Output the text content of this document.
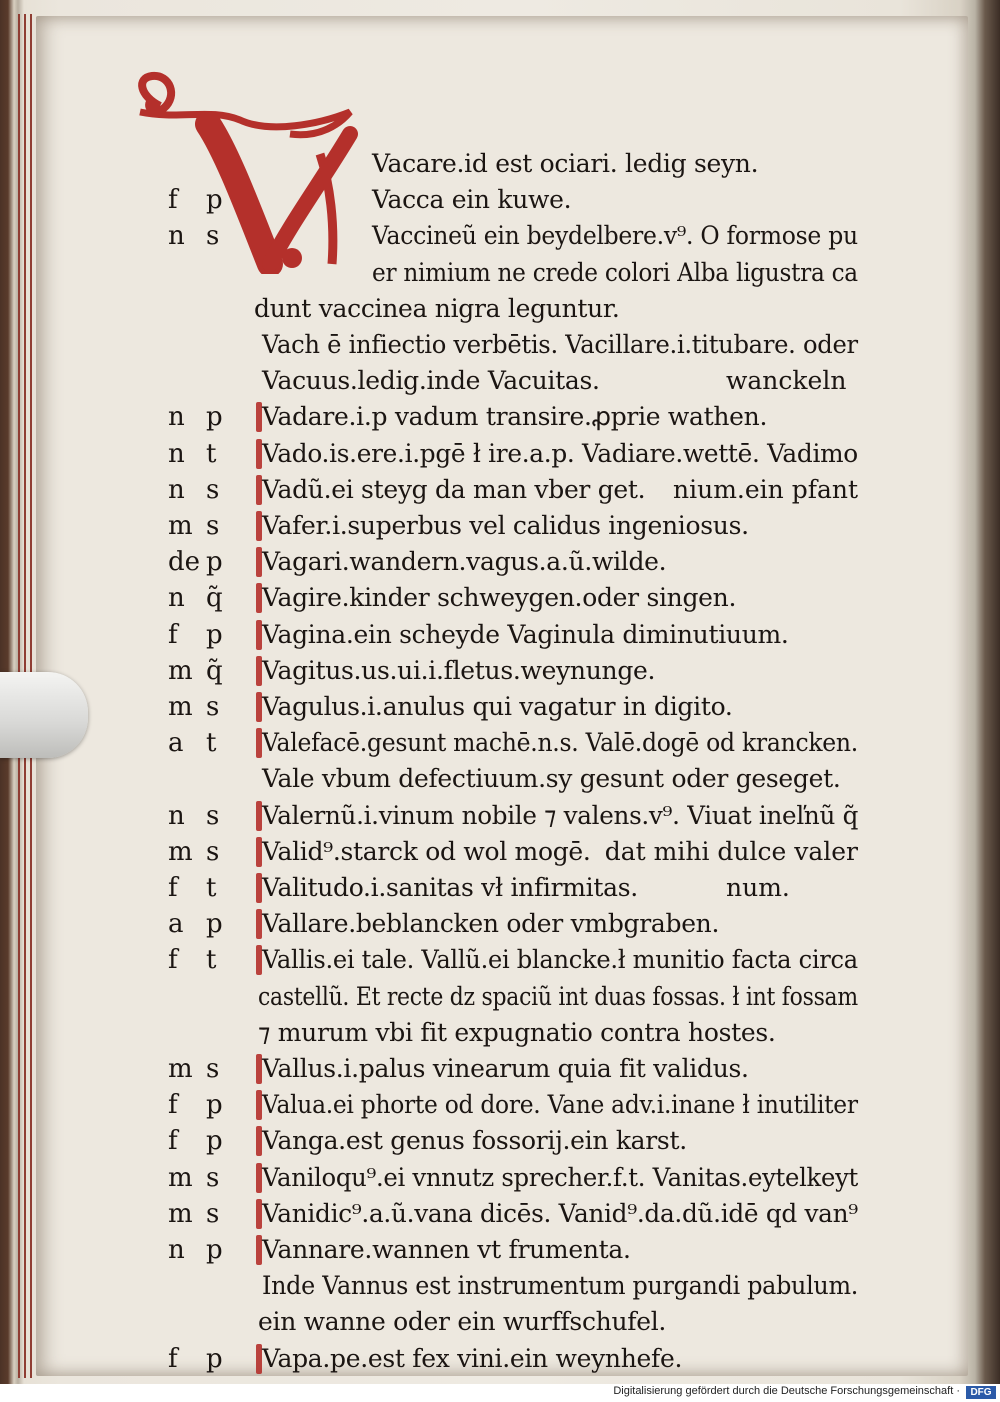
Vacare.id est ociari. ledig seyn.
f p	Vacca ein kuwe.
n s	Vaccineũ ein beydelbere.v⁹. O formose pu
er nimium ne crede colori Alba ligustra ca
dunt vaccinea nigra leguntur.
Vach ē infiectio verbētis. Vacillare.i.titubare. oder
Vacuus.ledig.inde Vacuitas.	wanckeln
n p Vadare.i.p vadum transire.ꝓprie wathen.
n t Vado.is.ere.i.pgē ł ire.a.p. Vadiare.wettē. Vadimo
n s Vadũ.ei steyg da man vber get. nium.ein pfant
m s Vafer.i.superbus vel calidus ingeniosus.
de p Vagari.wandern.vagus.a.ũ.wilde.
n q̃ Vagire.kinder schweygen.oder singen.
f p Vagina.ein scheyde Vaginula diminutiuum.
m q̃ Vagitus.us.ui.i.fletus.weynunge.
m s Vagulus.i.anulus qui vagatur in digito.
a t Valefacē.gesunt machē.n.s. Valē.dogē od krancken.
Vale vbum defectiuum.sy gesunt oder geseget.
n s Valernũ.i.vinum nobile ⁊ valens.v⁹. Viuat ineľnũ q̃
m s Valid⁹.starck od wol mogē. dat mihi dulce valer
f t Valitudo.i.sanitas vł infirmitas.	num.
a p Vallare.beblancken oder vmbgraben.
f t Vallis.ei tale. Vallũ.ei blancke.ł munitio facta circa
castellũ. Et recte dz spaciũ int duas fossas. ł int fossam
⁊ murum vbi fit expugnatio contra hostes.
m s Vallus.i.palus vinearum quia fit validus.
f p Valua.ei phorte od dore. Vane adv.i.inane ł inutiliter
f p Vanga.est genus fossorij.ein karst.
m s Vaniloqu⁹.ei vnnutz sprecher.f.t. Vanitas.eytelkeyt
m s Vanidic⁹.a.ũ.vana dicēs. Vanid⁹.da.dũ.idē qd van⁹
n p Vannare.wannen vt frumenta.
Inde Vannus est instrumentum purgandi pabulum.
ein wanne oder ein wurffschufel.
f p Vapa.pe.est fex vini.ein weynhefe.
Digitalisierung gefördert durch die Deutsche Forschungsgemeinschaft ·	DFG
